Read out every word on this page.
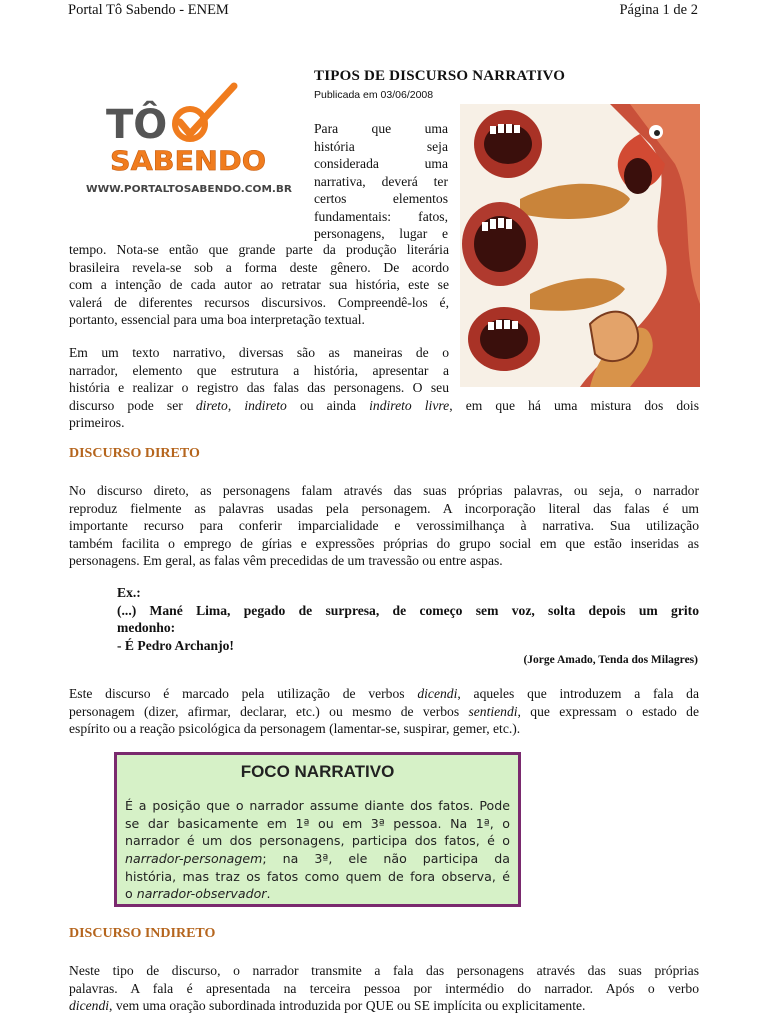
Portal Tô Sabendo - ENEM	Página 1 de 2
TÔ
SABENDO
WWW.PORTALTOSABENDO.COM.BR
TIPOS DE DISCURSO NARRATIVO
Publicada em 03/06/2008
Para que uma
história seja
considerada uma
narrativa, deverá ter
certos elementos
fundamentais: fatos,
personagens, lugar e
tempo. Nota-se então que grande parte da produção literária
brasileira revela-se sob a forma deste gênero. De acordo
com a intenção de cada autor ao retratar sua história, este se
valerá de diferentes recursos discursivos. Compreendê-los é,
portanto, essencial para uma boa interpretação textual.
Em um texto narrativo, diversas são as maneiras de o
narrador, elemento que estrutura a história, apresentar a
história e realizar o registro das falas das personagens. O seu
discurso pode ser direto, indireto ou ainda indireto livre, em que há uma mistura dos dois
primeiros.
DISCURSO DIRETO
No discurso direto, as personagens falam através das suas próprias palavras, ou seja, o narrador
reproduz fielmente as palavras usadas pela personagem. A incorporação literal das falas é um
importante recurso para conferir imparcialidade e verossimilhança à narrativa. Sua utilização
também facilita o emprego de gírias e expressões próprias do grupo social em que estão inseridas as
personagens. Em geral, as falas vêm precedidas de um travessão ou entre aspas.
Ex.:
(...) Mané Lima, pegado de surpresa, de começo sem voz, solta depois um grito
medonho:
- É Pedro Archanjo!
(Jorge Amado, Tenda dos Milagres)
Este discurso é marcado pela utilização de verbos dicendi, aqueles que introduzem a fala da
personagem (dizer, afirmar, declarar, etc.) ou mesmo de verbos sentiendi, que expressam o estado de
espírito ou a reação psicológica da personagem (lamentar-se, suspirar, gemer, etc.).
FOCO NARRATIVO
É a posição que o narrador assume diante dos fatos. Pode
se dar basicamente em 1ª ou em 3ª pessoa. Na 1ª, o
narrador é um dos personagens, participa dos fatos, é o
narrador-personagem; na 3ª, ele não participa da
história, mas traz os fatos como quem de fora observa, é
o narrador-observador.
DISCURSO INDIRETO
Neste tipo de discurso, o narrador transmite a fala das personagens através das suas próprias
palavras. A fala é apresentada na terceira pessoa por intermédio do narrador. Após o verbo
dicendi, vem uma oração subordinada introduzida por QUE ou SE implícita ou explicitamente.
